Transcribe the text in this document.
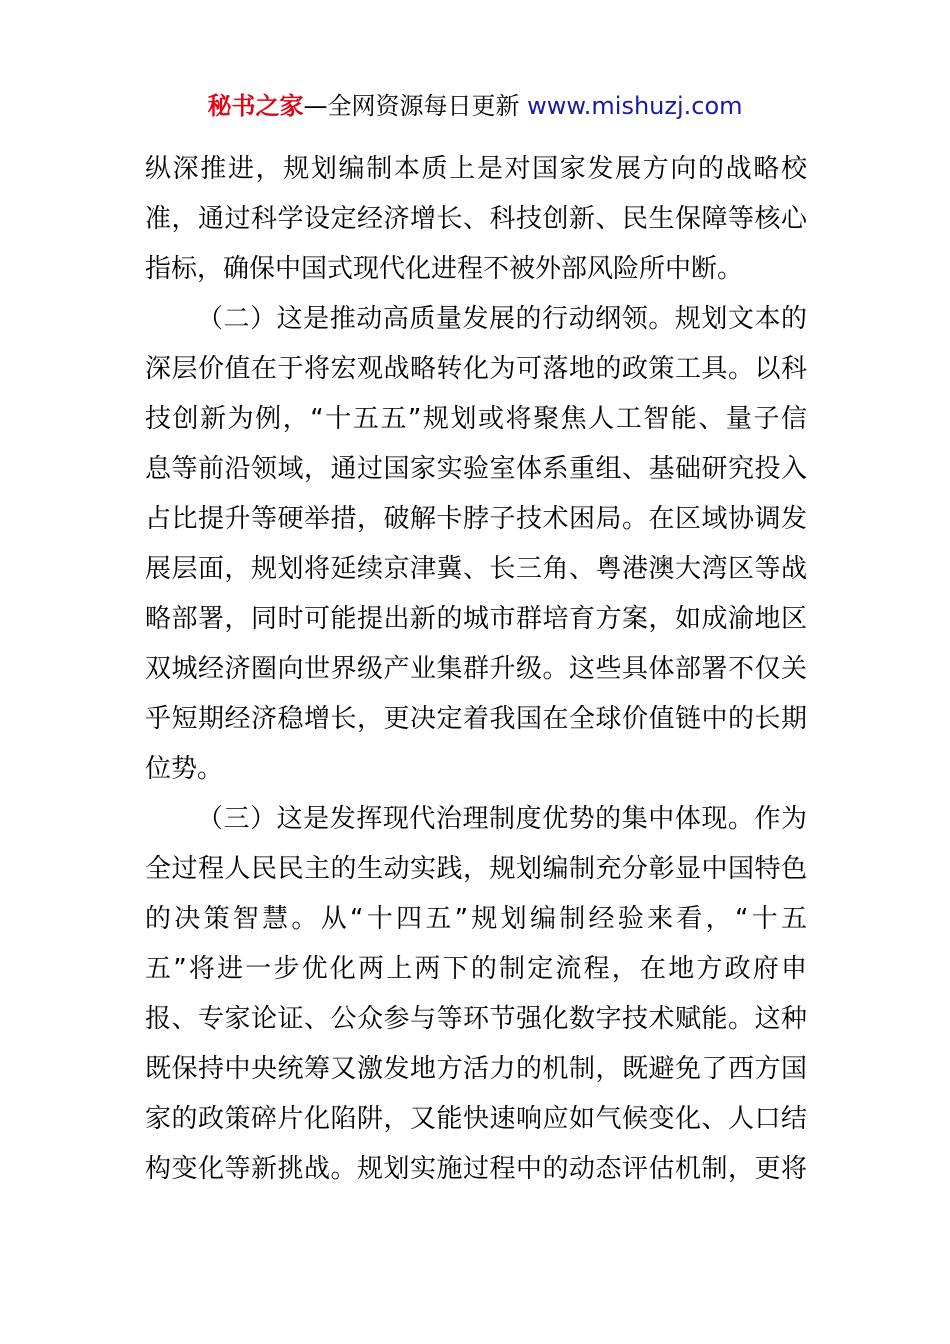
秘书之家—全网资源每日更新 www.mishuzj.com
纵深推进，规划编制本质上是对国家发展方向的战略校
准，通过科学设定经济增长、科技创新、民生保障等核心
指标，确保中国式现代化进程不被外部风险所中断。
（二）这是推动高质量发展的行动纲领。规划文本的
深层价值在于将宏观战略转化为可落地的政策工具。以科
技创新为例，“十五五”规划或将聚焦人工智能、量子信
息等前沿领域，通过国家实验室体系重组、基础研究投入
占比提升等硬举措，破解卡脖子技术困局。在区域协调发
展层面，规划将延续京津冀、长三角、粤港澳大湾区等战
略部署，同时可能提出新的城市群培育方案，如成渝地区
双城经济圈向世界级产业集群升级。这些具体部署不仅关
乎短期经济稳增长，更决定着我国在全球价值链中的长期
位势。
（三）这是发挥现代治理制度优势的集中体现。作为
全过程人民民主的生动实践，规划编制充分彰显中国特色
的决策智慧。从“十四五”规划编制经验来看，“十五
五”将进一步优化两上两下的制定流程，在地方政府申
报、专家论证、公众参与等环节强化数字技术赋能。这种
既保持中央统筹又激发地方活力的机制，既避免了西方国
家的政策碎片化陷阱，又能快速响应如气候变化、人口结
构变化等新挑战。规划实施过程中的动态评估机制，更将
